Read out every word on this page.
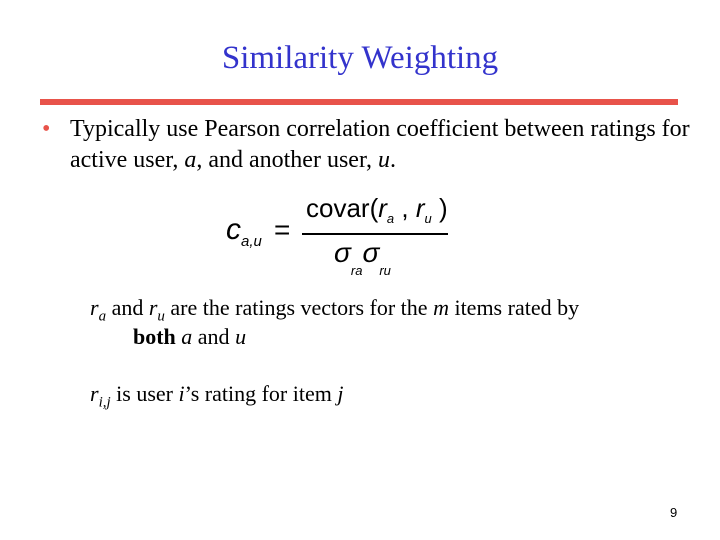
Similarity Weighting
• Typically use Pearson correlation coefficient between ratings for active user, a, and another user, u.
$c_{a,u}$ =
$covar(r_a$ , $r_u$ )
$\sigma_{ra}\sigma_{ru}$
$r_a$ and $r_u$ are the ratings vectors for the m items rated by
both a and u
$r_{i,j}$ is user i’s rating for item j
9
